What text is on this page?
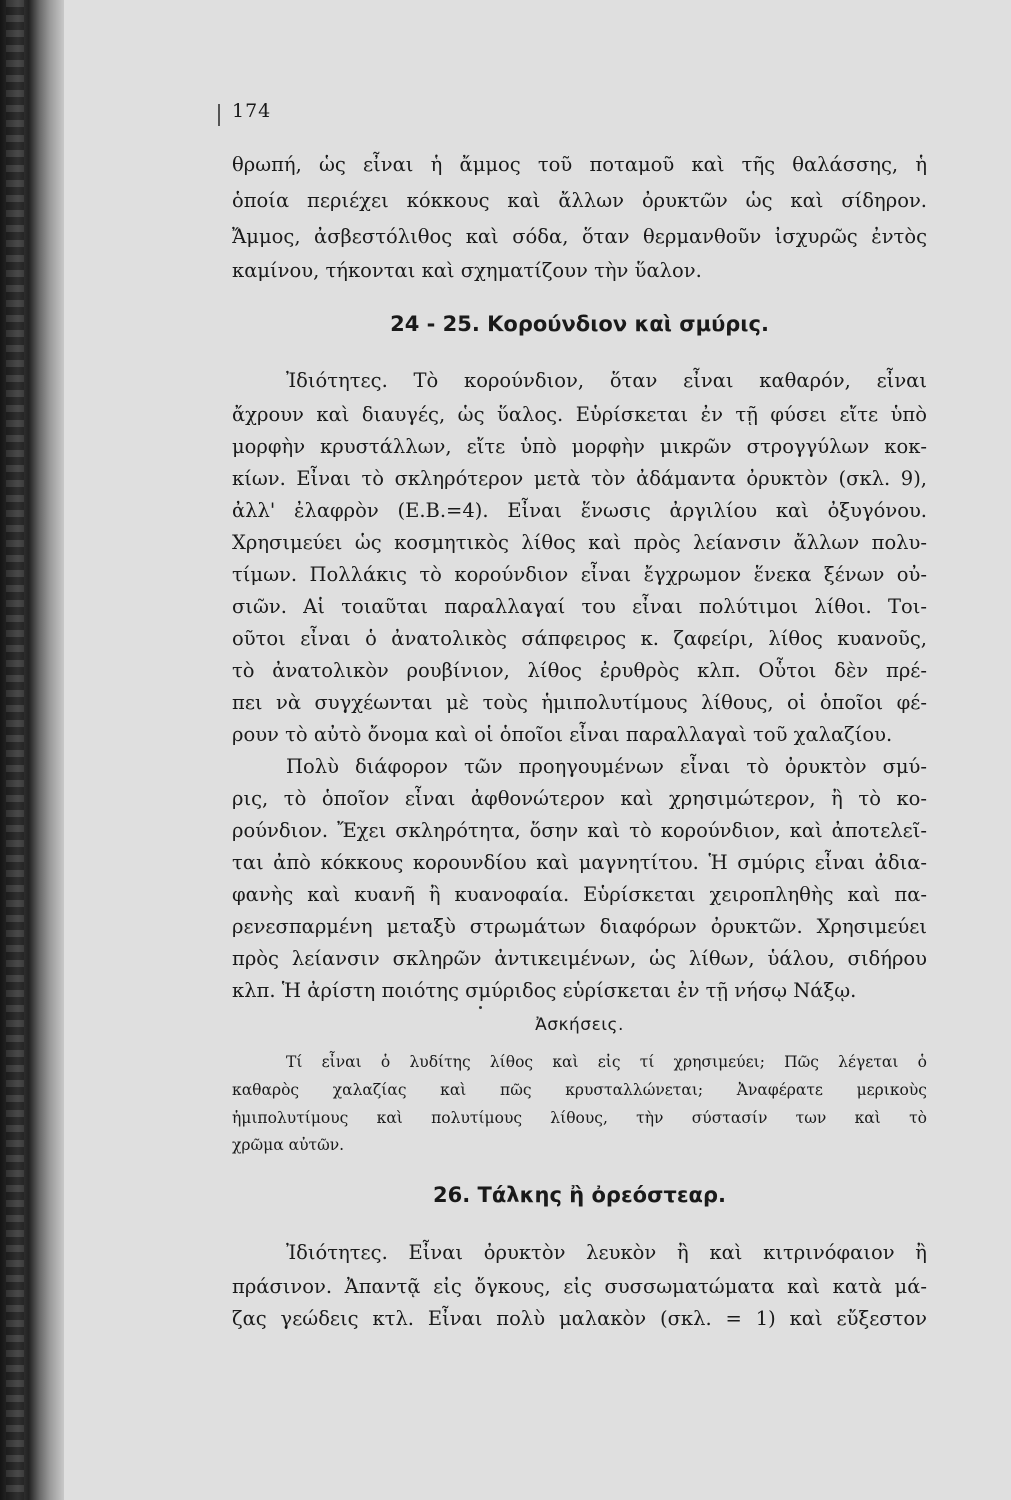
174
θρωπή, ὡς εἶναι ἡ ἄμμος τοῦ ποταμοῦ καὶ τῆς θαλάσσης, ἡ
ὁποία περιέχει κόκκους καὶ ἄλλων ὀρυκτῶν ὡς καὶ σίδηρον.
Ἄμμος, ἀσβεστόλιθος καὶ σόδα, ὅταν θερμανθοῦν ἰσχυρῶς ἐντὸς
καμίνου, τήκονται καὶ σχηματίζουν τὴν ὕαλον.
24 - 25. Κορούνδιον καὶ σμύρις.
Ἰδιότητες. Τὸ κορούνδιον, ὅταν εἶναι καθαρόν, εἶναι
ἄχρουν καὶ διαυγές, ὡς ὕαλος. Εὑρίσκεται ἐν τῇ φύσει εἴτε ὑπὸ
μορφὴν κρυστάλλων, εἴτε ὑπὸ μορφὴν μικρῶν στρογγύλων κοκ-
κίων. Εἶναι τὸ σκληρότερον μετὰ τὸν ἀδάμαντα ὀρυκτὸν (σκλ. 9),
ἀλλ' ἐλαφρὸν (Ε.Β.=4). Εἶναι ἕνωσις ἀργιλίου καὶ ὀξυγόνου.
Χρησιμεύει ὡς κοσμητικὸς λίθος καὶ πρὸς λείανσιν ἄλλων πολυ-
τίμων. Πολλάκις τὸ κορούνδιον εἶναι ἔγχρωμον ἕνεκα ξένων οὐ-
σιῶν. Αἱ τοιαῦται παραλλαγαί του εἶναι πολύτιμοι λίθοι. Τοι-
οῦτοι εἶναι ὁ ἀνατολικὸς σάπφειρος κ. ζαφείρι, λίθος κυανοῦς,
τὸ ἀνατολικὸν ρουβίνιον, λίθος ἐρυθρὸς κλπ. Οὗτοι δὲν πρέ-
πει νὰ συγχέωνται μὲ τοὺς ἡμιπολυτίμους λίθους, οἱ ὁποῖοι φέ-
ρουν τὸ αὐτὸ ὄνομα καὶ οἱ ὁποῖοι εἶναι παραλλαγαὶ τοῦ χαλαζίου.
Πολὺ διάφορον τῶν προηγουμένων εἶναι τὸ ὀρυκτὸν σμύ-
ρις, τὸ ὁποῖον εἶναι ἀφθονώτερον καὶ χρησιμώτερον, ἢ τὸ κο-
ρούνδιον. Ἔχει σκληρότητα, ὅσην καὶ τὸ κορούνδιον, καὶ ἀποτελεῖ-
ται ἀπὸ κόκκους κορουνδίου καὶ μαγνητίτου. Ἡ σμύρις εἶναι ἀδια-
φανὴς καὶ κυανῆ ἢ κυανοφαία. Εὑρίσκεται χειροπληθὴς καὶ πα-
ρενεσπαρμένη μεταξὺ στρωμάτων διαφόρων ὀρυκτῶν. Χρησιμεύει
πρὸς λείανσιν σκληρῶν ἀντικειμένων, ὡς λίθων, ὑάλου, σιδήρου
κλπ. Ἡ ἀρίστη ποιότης σμύριδος εὑρίσκεται ἐν τῇ νήσῳ Νάξῳ.
Ἀσκήσεις.
Τί εἶναι ὁ λυδίτης λίθος καὶ εἰς τί χρησιμεύει; Πῶς λέγεται ὁ
καθαρὸς χαλαζίας καὶ πῶς κρυσταλλώνεται; Ἀναφέρατε μερικοὺς
ἡμιπολυτίμους καὶ πολυτίμους λίθους, τὴν σύστασίν των καὶ τὸ
χρῶμα αὐτῶν.
26. Τάλκης ἢ ὀρεόστεαρ.
Ἰδιότητες. Εἶναι ὀρυκτὸν λευκὸν ἢ καὶ κιτρινόφαιον ἢ
πράσινον. Ἀπαντᾷ εἰς ὄγκους, εἰς συσσωματώματα καὶ κατὰ μά-
ζας γεώδεις κτλ. Εἶναι πολὺ μαλακὸν (σκλ. = 1) καὶ εὔξεστον
